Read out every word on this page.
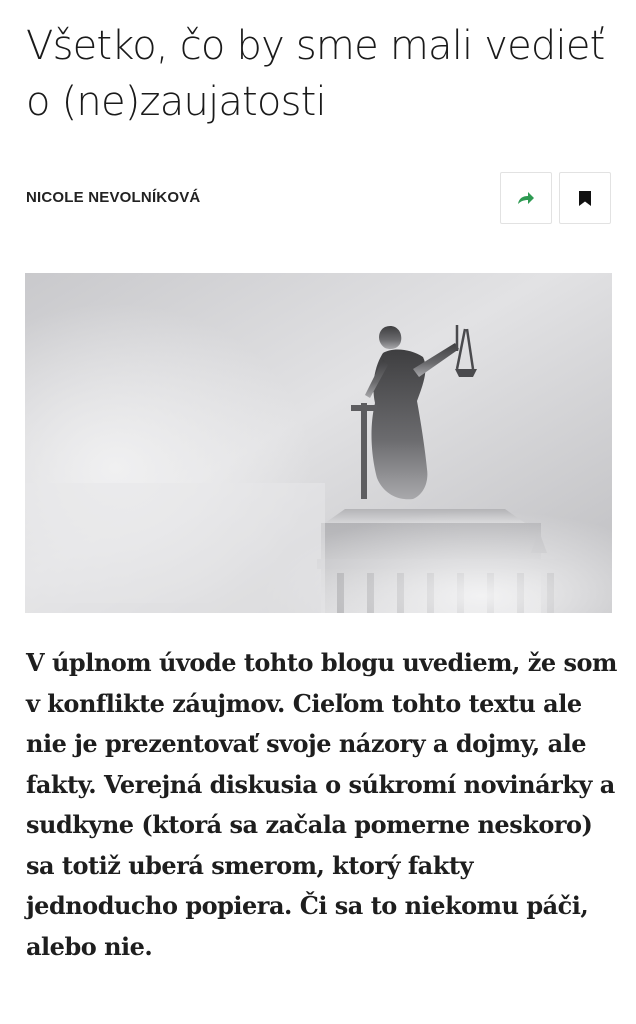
Všetko, čo by sme mali vedieť o (ne)zaujatosti
NICOLE NEVOLNÍKOVÁ

V úplnom úvode tohto blogu uvediem, že som v konflikte záujmov. Cieľom tohto textu ale nie je prezentovať svoje názory a dojmy, ale fakty. Verejná diskusia o súkromí novinárky a sudkyne (ktorá sa začala pomerne neskoro) sa totiž uberá smerom, ktorý fakty jednoducho popiera. Či sa to niekomu páči, alebo nie.
